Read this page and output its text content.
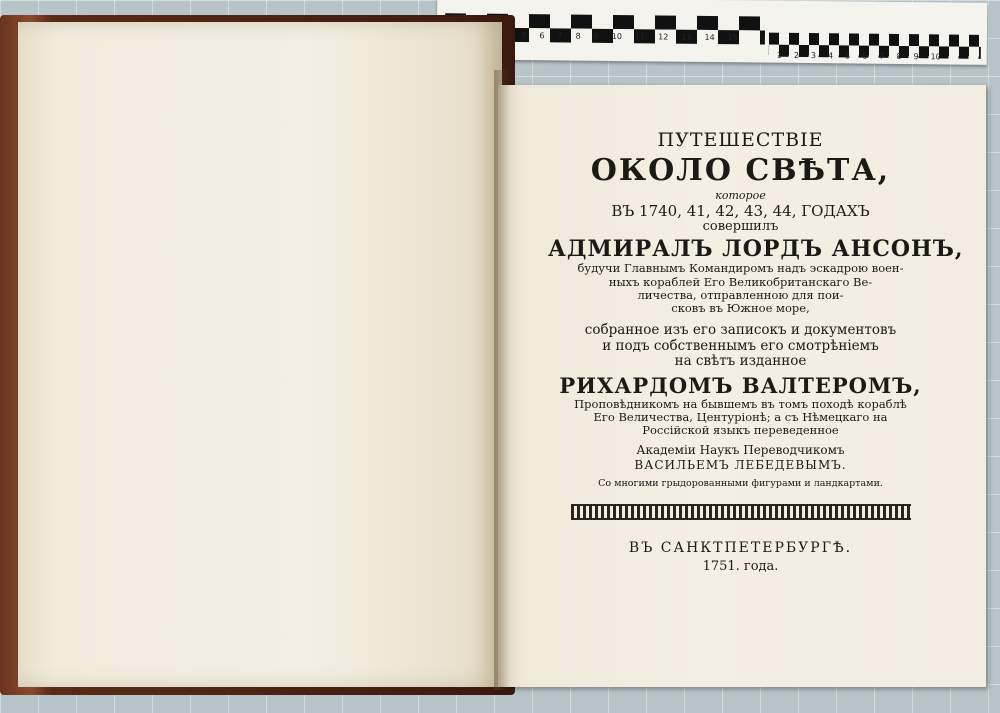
5 6 7 8 9 10 11 12 13 14 15
1 2 3 4 5 6 7 8 9 10

ПУТЕШЕСТВІЕ

ОКОЛО СВѢТА,

которое

ВЪ 1740, 41, 42, 43, 44, ГОДАХЪ

совершилъ

АДМИРАЛЪ ЛОРДЪ АНСОНЪ,

будучи Главнымъ Командиромъ надъ эскадрою воен-

ныхъ кораблей Его Великобританскаго Ве-

личества, отправленною для пои-

сковъ въ Южное море,

собранное изъ его записокъ и документовъ

и подъ собственнымъ его смотрѣніемъ

на свѣтъ изданное

РИХАРДОМЪ ВАЛТЕРОМЪ,

Проповѣдникомъ на бывшемъ въ томъ походѣ кораблѣ

Его Величества, Центуріонѣ; а съ Нѣмецкаго на

Россійской языкъ переведенное

Академіи Наукъ Переводчикомъ

ВАСИЛЬЕМЪ ЛЕБЕДЕВЫМЪ.

Со многими грыдорованными фигурами и ландкартами.

ВЪ САНКТПЕТЕРБУРГѢ.

1751. года.
